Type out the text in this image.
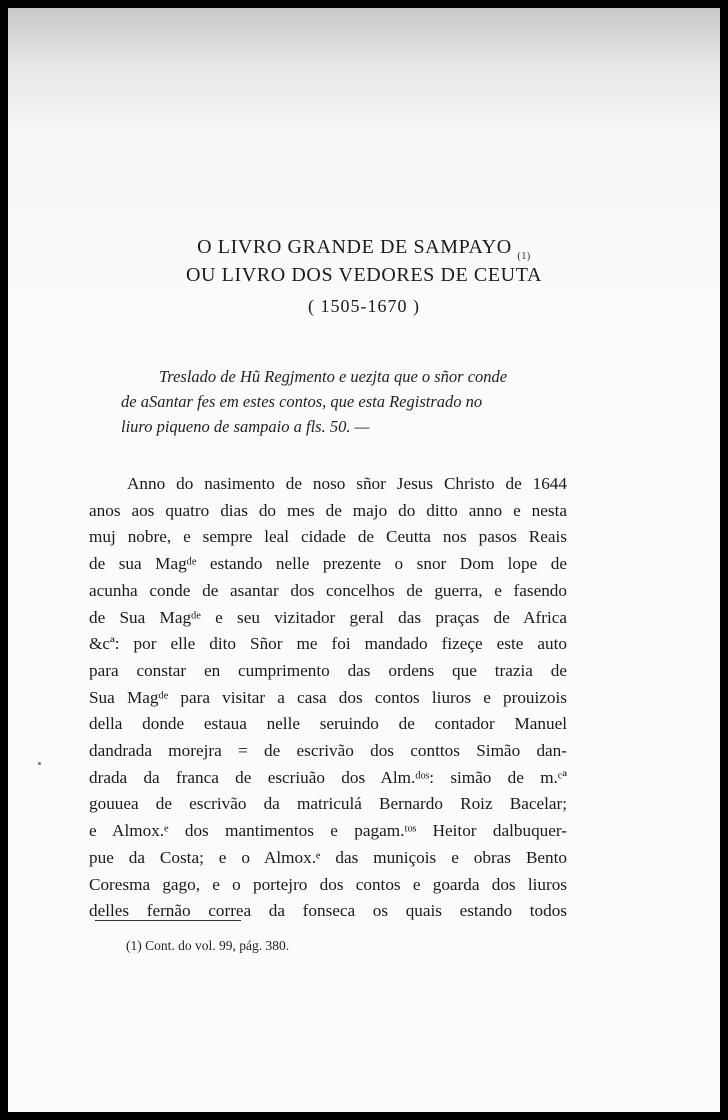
O LIVRO GRANDE DE SAMPAYO $^{(1)}$
OU LIVRO DOS VEDORES DE CEUTA
( 1505-1670 )
Treslado de Hũ Regjmento e uezjta que o sñor conde
de aSantar fes em estes contos, que esta Registrado no
liuro piqueno de sampaio a fls. 50. —
Anno do nasimento de noso sñor Jesus Christo de 1644
anos aos quatro dias do mes de majo do ditto anno e nesta
muj nobre, e sempre leal cidade de Ceutta nos pasos Reais
de sua Magᵈᵉ estando nelle prezente o snor Dom lope de
acunha conde de asantar dos concelhos de guerra, e fasendo
de Sua Magᵈᵉ e seu vizitador geral das praças de Africa
&cª: por elle dito Sñor me foi mandado fizeçe este auto
para constar en cumprimento das ordens que trazia de
Sua Magᵈᵉ para visitar a casa dos contos liuros e prouizois
della donde estaua nelle seruindo de contador Manuel
dandrada morejra = de escrivão dos conttos Simão dan-
drada da franca de escriuão dos Alm.ᵈᵒˢ: simão de m.ᶜª
gouuea de escrivão da matriculá Bernardo Roiz Bacelar;
e Almox.ᵉ dos mantimentos e pagam.ᵗᵒˢ Heitor dalbuquer-
pue da Costa; e o Almox.ᵉ das muniçois e obras Bento
Coresma gago, e o portejro dos contos e goarda dos liuros
delles fernão correa da fonseca os quais estando todos
(1) Cont. do vol. 99, pág. 380.
